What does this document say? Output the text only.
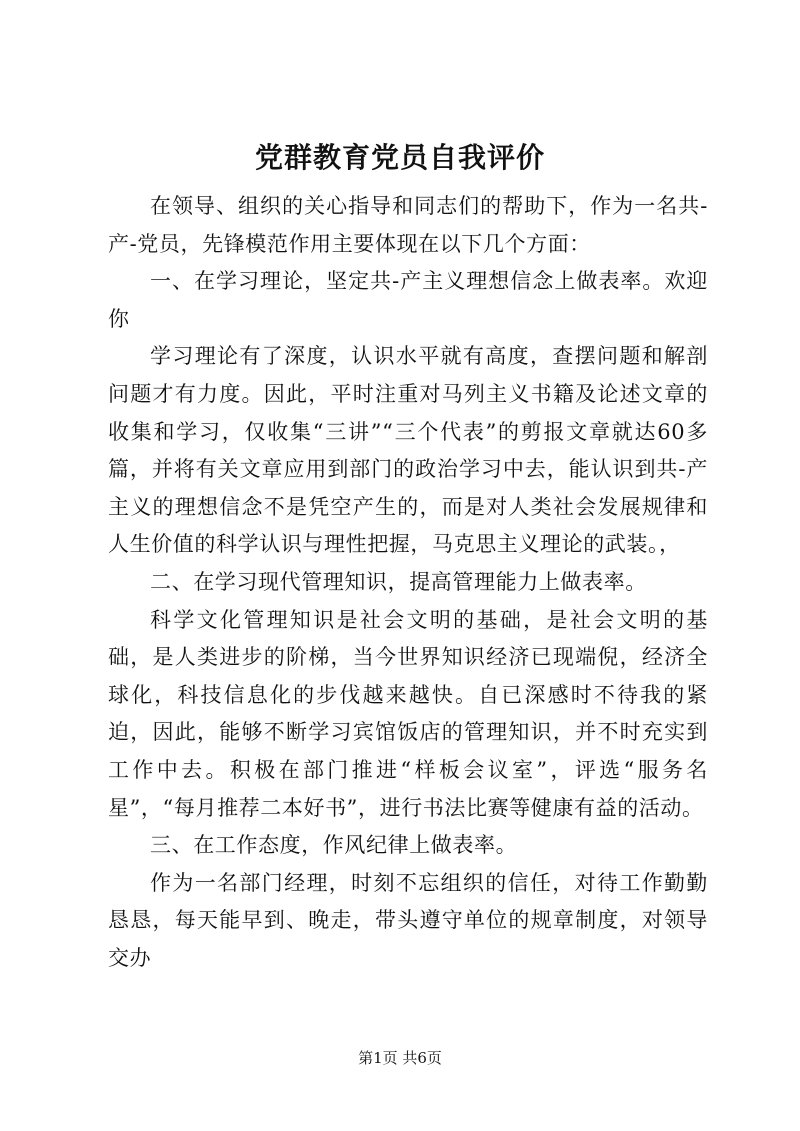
党群教育党员自我评价

在领导、组织的关心指导和同志们的帮助下，作为一名共-产-党员，先锋模范作用主要体现在以下几个方面：

一、在学习理论，坚定共-产主义理想信念上做表率。欢迎你

学习理论有了深度，认识水平就有高度，查摆问题和解剖问题才有力度。因此，平时注重对马列主义书籍及论述文章的收集和学习，仅收集“三讲”“三个代表”的剪报文章就达60多篇，并将有关文章应用到部门的政治学习中去，能认识到共-产主义的理想信念不是凭空产生的，而是对人类社会发展规律和人生价值的科学认识与理性把握，马克思主义理论的武装。，

二、在学习现代管理知识，提高管理能力上做表率。

科学文化管理知识是社会文明的基础，是社会文明的基础，是人类进步的阶梯，当今世界知识经济已现端倪，经济全球化，科技信息化的步伐越来越快。自已深感时不待我的紧迫，因此，能够不断学习宾馆饭店的管理知识，并不时充实到工作中去。积极在部门推进“样板会议室”，评选“服务名星”，“每月推荐二本好书”，进行书法比赛等健康有益的活动。

三、在工作态度，作风纪律上做表率。

作为一名部门经理，时刻不忘组织的信任，对待工作勤勤恳恳，每天能早到、晚走，带头遵守单位的规章制度，对领导交办

第1页 共6页
